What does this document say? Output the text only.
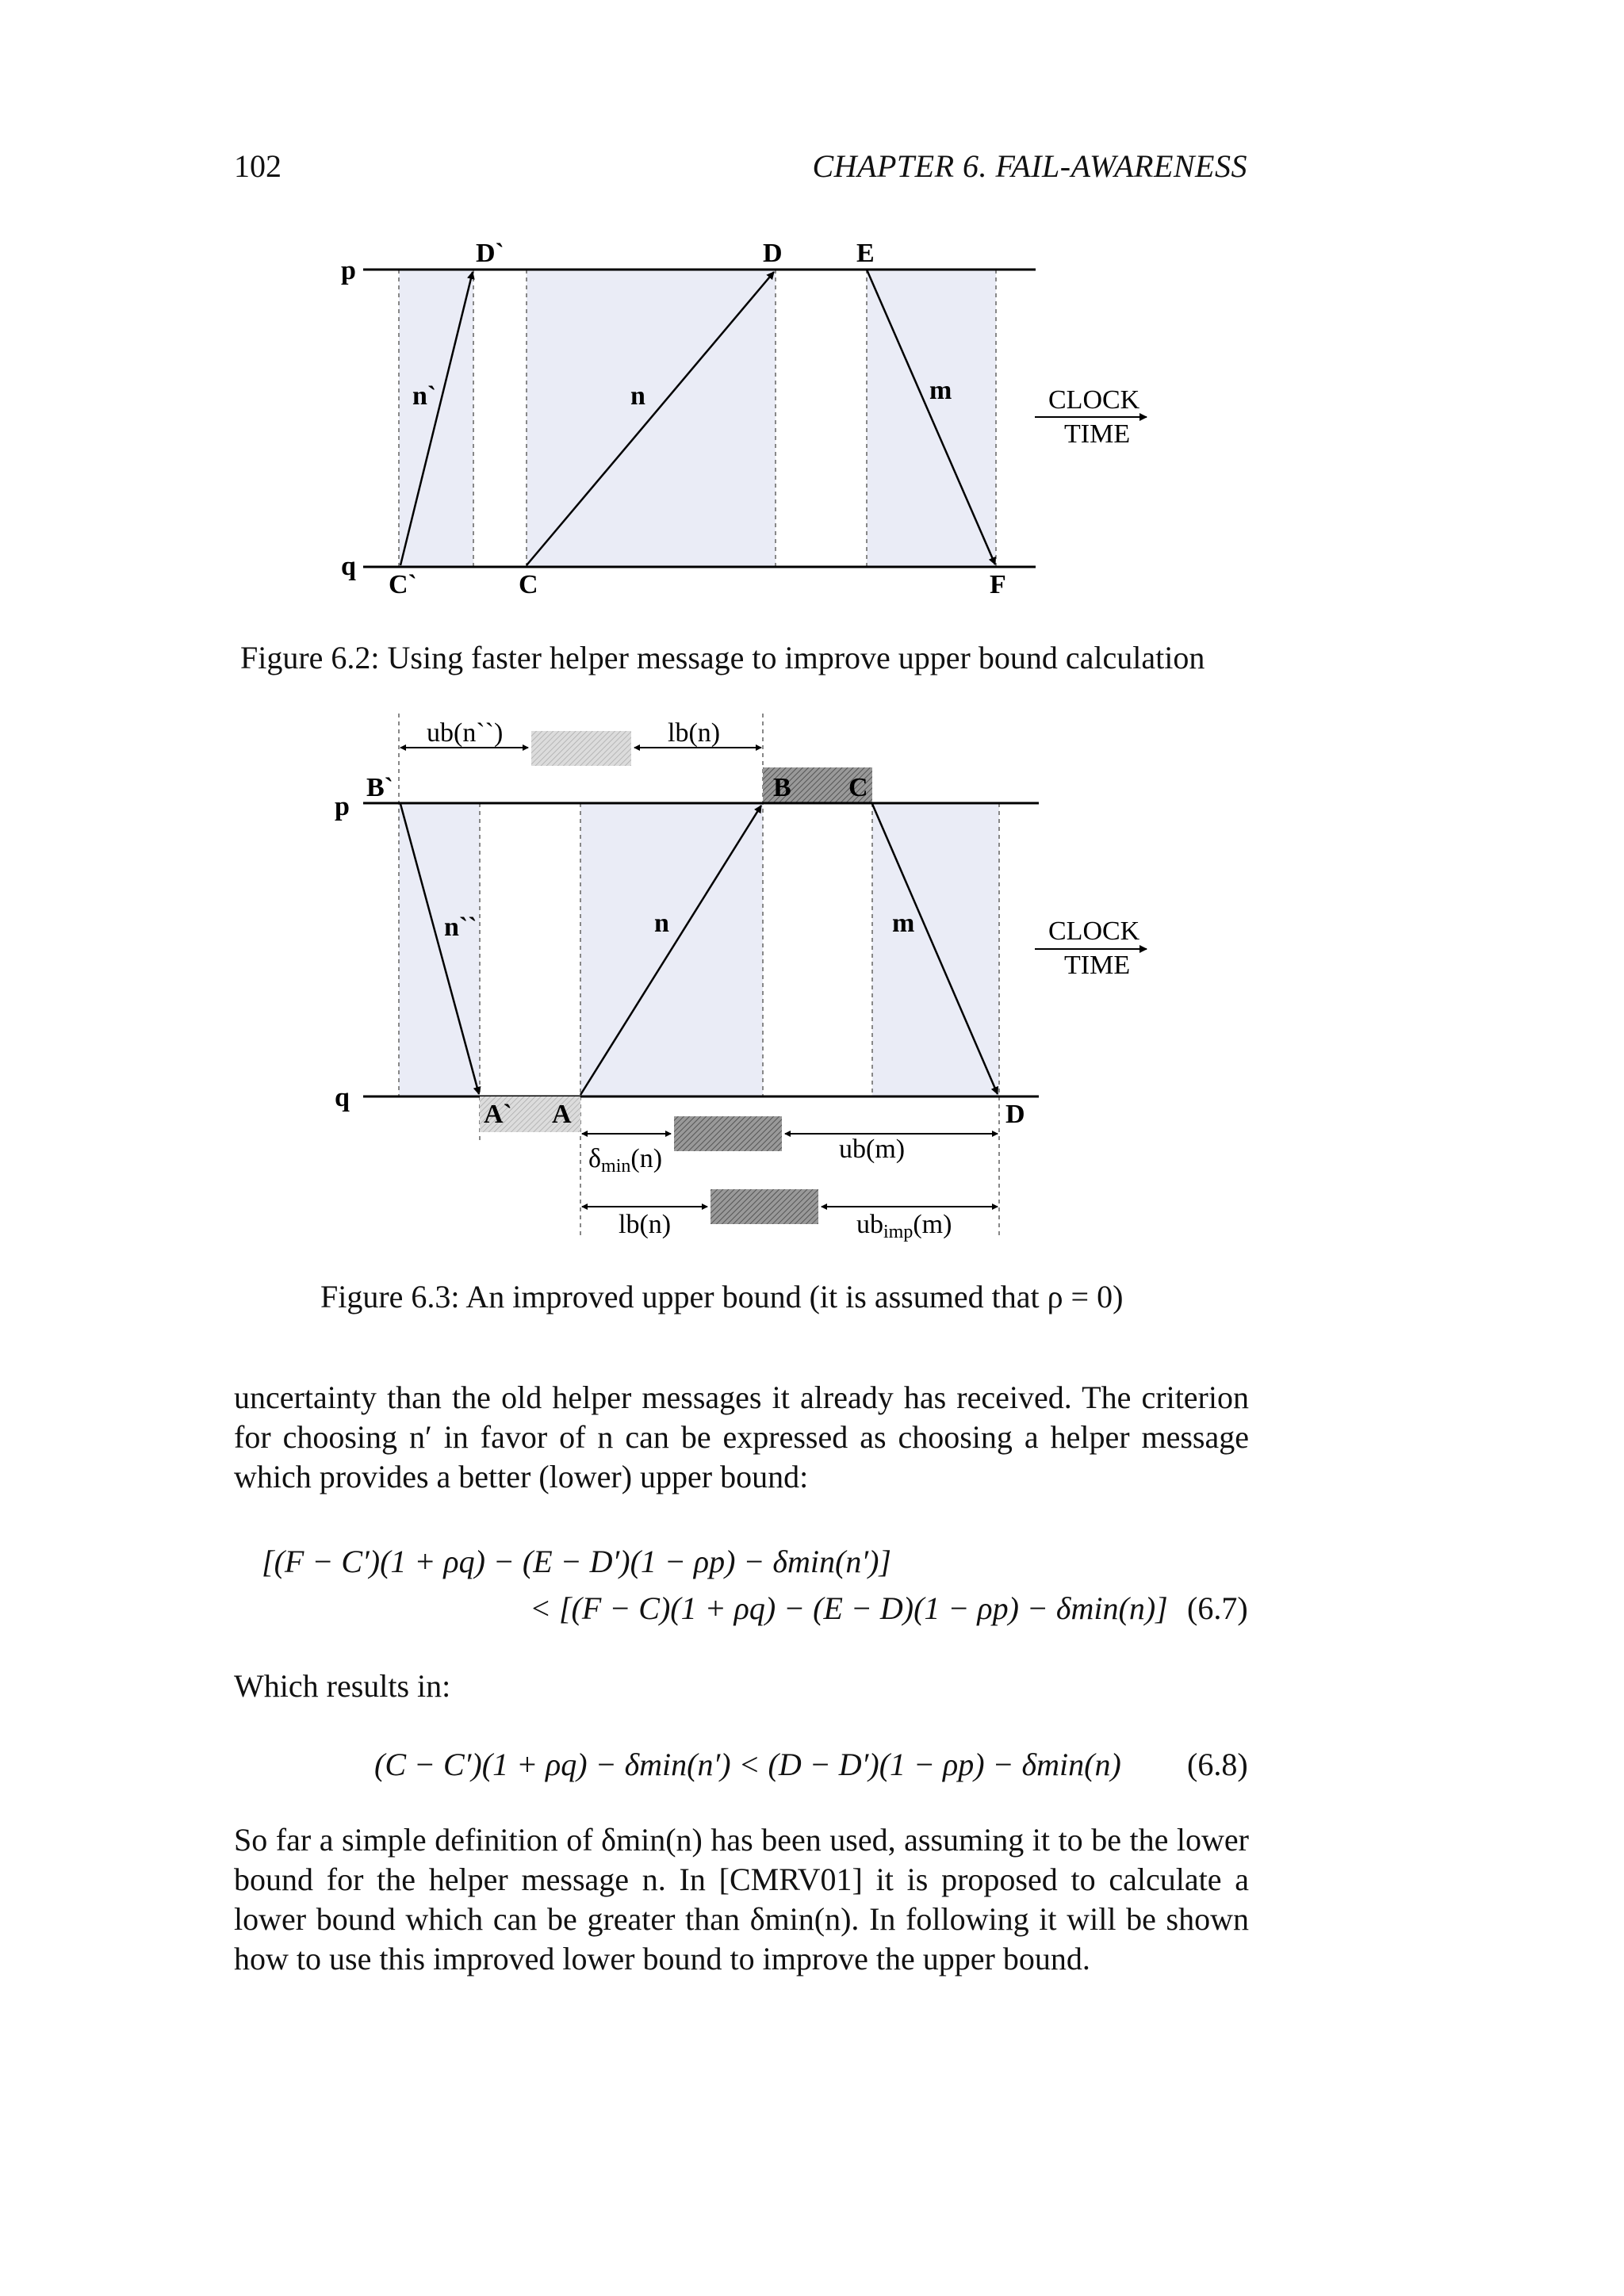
102	CHAPTER 6. FAIL-AWARENESS
p
q
D`	D	E
C`	C	F
n`	n	m	CLOCK
TIME
Figure 6.2: Using faster helper message to improve upper bound calculation
ub(n``)	lb(n)
p
q
B`	B C
n``	n	m
A` A	D
CLOCK
TIME
δmin(n)	ub(m)
lb(n)	ubimp(m)
Figure 6.3: An improved upper bound (it is assumed that ρ = 0)

uncertainty than the old helper messages it already has received. The criterion for choosing n′ in favor of n can be expressed as choosing a helper message which provides a better (lower) upper bound:

[(F − C′)(1 + ρq) − (E − D′)(1 − ρp) − δmin(n′)]
< [(F − C)(1 + ρq) − (E − D)(1 − ρp) − δmin(n)] (6.7)

Which results in:

(C − C′)(1 + ρq) − δmin(n′) < (D − D′)(1 − ρp) − δmin(n) (6.8)

So far a simple definition of δmin(n) has been used, assuming it to be the lower bound for the helper message n. In [CMRV01] it is proposed to calculate a lower bound which can be greater than δmin(n). In following it will be shown how to use this improved lower bound to improve the upper bound.
